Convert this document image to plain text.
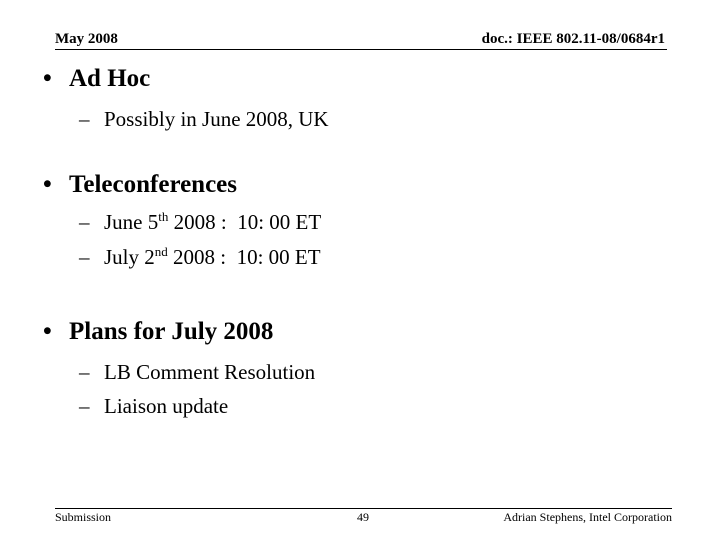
May 2008	doc.: IEEE 802.11-08/0684r1
• Ad Hoc
– Possibly in June 2008, UK
• Teleconferences
– June 5th 2008 :  10: 00 ET
– July 2nd 2008 :  10: 00 ET
• Plans for July 2008
– LB Comment Resolution
– Liaison update
Submission	49	Adrian Stephens, Intel Corporation
